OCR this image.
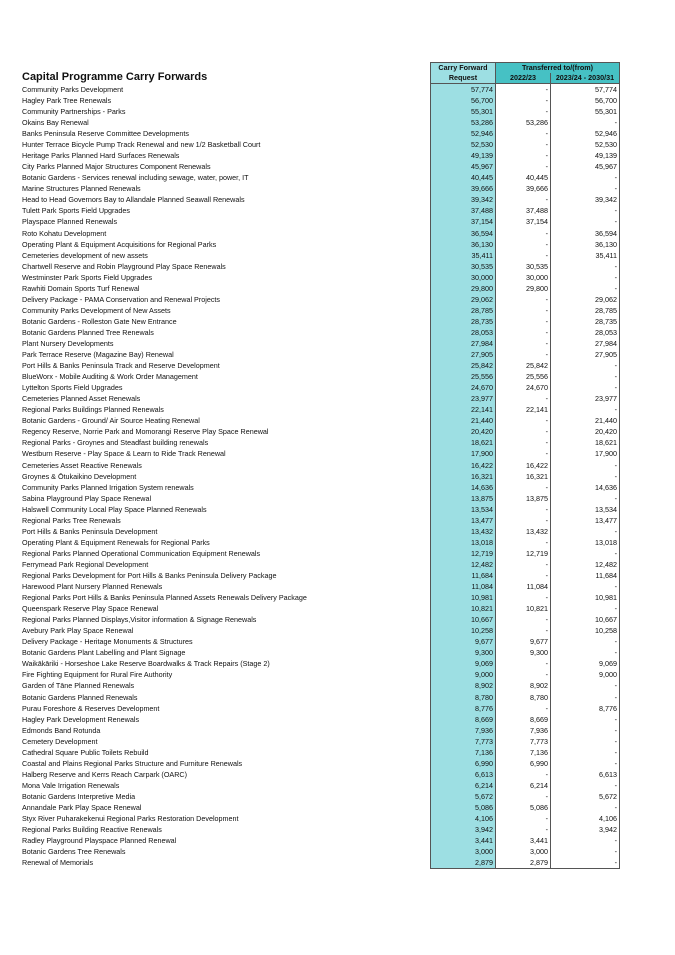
Capital Programme Carry Forwards
	Carry Forward	Transferred to/(from)	
	Request	2022/23	2023/24 - 2030/31
Community Parks Development	57,774	-	57,774
Hagley Park Tree Renewals	56,700	-	56,700
Community Partnerships - Parks	55,301	-	55,301
Okains Bay Renewal	53,286	53,286	-
Banks Peninsula Reserve Committee Developments	52,946	-	52,946
Hunter Terrace Bicycle Pump Track Renewal and new 1/2 Basketball Court	52,530	-	52,530
Heritage Parks Planned Hard Surfaces Renewals	49,139	-	49,139
City Parks Planned Major Structures Component Renewals	45,967	-	45,967
Botanic Gardens - Services renewal including sewage, water, power, IT	40,445	40,445	-
Marine Structures Planned Renewals	39,666	39,666	-
Head to Head Governors Bay to Allandale Planned Seawall Renewals	39,342	-	39,342
Tulett Park Sports Field Upgrades	37,488	37,488	-
Playspace Planned Renewals	37,154	37,154	-
Roto Kohatu Development	36,594	-	36,594
Operating Plant & Equipment Acquisitions for Regional Parks	36,130	-	36,130
Cemeteries development of new assets	35,411	-	35,411
Chartwell Reserve and Robin Playground Play Space Renewals	30,535	30,535	-
Westminster Park Sports Field Upgrades	30,000	30,000	-
Rawhiti Domain Sports Turf Renewal	29,800	29,800	-
Delivery Package - PAMA Conservation and Renewal Projects	29,062	-	29,062
Community Parks Development of New Assets	28,785	-	28,785
Botanic Gardens - Rolleston Gate New Entrance	28,735	-	28,735
Botanic Gardens Planned Tree Renewals	28,053	-	28,053
Plant Nursery Developments	27,984	-	27,984
Park Terrace Reserve (Magazine Bay) Renewal	27,905	-	27,905
Port Hills & Banks Peninsula Track and Reserve Development	25,842	25,842	-
BlueWorx - Mobile Auditing & Work Order Management	25,556	25,556	-
Lyttelton Sports Field Upgrades	24,670	24,670	-
Cemeteries Planned Asset Renewals	23,977	-	23,977
Regional Parks Buildings Planned Renewals	22,141	22,141	-
Botanic Gardens - Ground/ Air Source Heating Renewal	21,440	-	21,440
Regency Reserve, Norrie Park and Momorangi Reserve Play Space Renewal	20,420	-	20,420
Regional Parks - Groynes and Steadfast building renewals	18,621	-	18,621
Westburn Reserve - Play Space & Learn to Ride Track Renewal	17,900	-	17,900
Cemeteries Asset Reactive Renewals	16,422	16,422	-
Groynes & Ōtukaikino Development	16,321	16,321	-
Community Parks Planned Irrigation System renewals	14,636	-	14,636
Sabina Playground Play Space Renewal	13,875	13,875	-
Halswell Community Local Play Space Planned Renewals	13,534	-	13,534
Regional Parks Tree Renewals	13,477	-	13,477
Port Hills & Banks Peninsula Development	13,432	13,432	-
Operating Plant & Equipment Renewals for Regional Parks	13,018	-	13,018
Regional Parks Planned Operational Communication Equipment Renewals	12,719	12,719	-
Ferrymead Park Regional Development	12,482	-	12,482
Regional Parks Development for Port Hills & Banks Peninsula Delivery Package	11,684	-	11,684
Harewood Plant Nursery Planned Renewals	11,084	11,084	-
Regional Parks Port Hills & Banks Peninsula Planned Assets Renewals Delivery Package	10,981	-	10,981
Queenspark Reserve Play Space Renewal	10,821	10,821	-
Regional Parks Planned Displays,Visitor information & Signage Renewals	10,667	-	10,667
Avebury Park Play Space Renewal	10,258	-	10,258
Delivery Package - Heritage Monuments & Structures	9,677	9,677	-
Botanic Gardens Plant Labelling and Plant Signage	9,300	9,300	-
Waikākāriki - Horseshoe Lake Reserve Boardwalks & Track Repairs (Stage 2)	9,069	-	9,069
Fire Fighting Equipment for Rural Fire Authority	9,000	-	9,000
Garden of Tāne Planned Renewals	8,902	8,902	-
Botanic Gardens Planned Renewals	8,780	8,780	-
Purau Foreshore & Reserves Development	8,776	-	8,776
Hagley Park Development Renewals	8,669	8,669	-
Edmonds Band Rotunda	7,936	7,936	-
Cemetery Development	7,773	7,773	-
Cathedral Square Public Toilets Rebuild	7,136	7,136	-
Coastal and Plains Regional Parks Structure and Furniture Renewals	6,990	6,990	-
Halberg Reserve and Kerrs Reach Carpark (OARC)	6,613	-	6,613
Mona Vale Irrigation Renewals	6,214	6,214	-
Botanic Gardens Interpretive Media	5,672	-	5,672
Annandale Park Play Space Renewal	5,086	5,086	-
Styx River Puharakekenui Regional Parks Restoration Development	4,106	-	4,106
Regional Parks Building Reactive Renewals	3,942	-	3,942
Radley Playground Playspace Planned Renewal	3,441	3,441	-
Botanic Gardens Tree Renewals	3,000	3,000	-
Renewal of Memorials	2,879	2,879	-
